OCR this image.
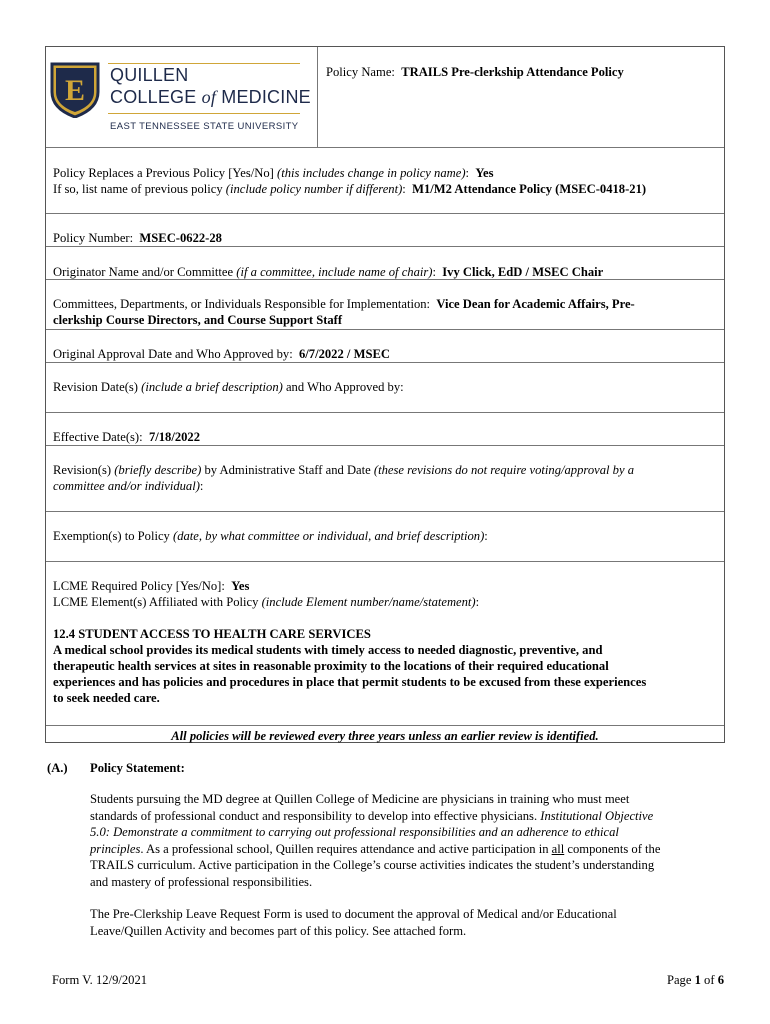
E QUILLEN
COLLEGE of MEDICINE
EAST TENNESSEE STATE UNIVERSITY
Policy Name: TRAILS Pre-clerkship Attendance Policy
Policy Replaces a Previous Policy [Yes/No] (this includes change in policy name): Yes
If so, list name of previous policy (include policy number if different):  M1/M2 Attendance Policy (MSEC-0418-21)
Policy Number: MSEC-0622-28
Originator Name and/or Committee (if a committee, include name of chair):  Ivy Click, EdD / MSEC Chair
Committees, Departments, or Individuals Responsible for Implementation: Vice Dean for Academic Affairs, Pre-
clerkship Course Directors, and Course Support Staff
Original Approval Date and Who Approved by: 6/7/2022 / MSEC
Revision Date(s) (include a brief description) and Who Approved by:
Effective Date(s): 7/18/2022
Revision(s) (briefly describe) by Administrative Staff and Date (these revisions do not require voting/approval by a
committee and/or individual):
Exemption(s) to Policy (date, by what committee or individual, and brief description):
LCME Required Policy [Yes/No]: Yes
LCME Element(s) Affiliated with Policy (include Element number/name/statement):
12.4 STUDENT ACCESS TO HEALTH CARE SERVICES
A medical school provides its medical students with timely access to needed diagnostic, preventive, and
therapeutic health services at sites in reasonable proximity to the locations of their required educational
experiences and has policies and procedures in place that permit students to be excused from these experiences
to seek needed care.
All policies will be reviewed every three years unless an earlier review is identified.
(A.) Policy Statement:
Students pursuing the MD degree at Quillen College of Medicine are physicians in training who must meet
standards of professional conduct and responsibility to develop into effective physicians. Institutional Objective
5.0: Demonstrate a commitment to carrying out professional responsibilities and an adherence to ethical
principles. As a professional school, Quillen requires attendance and active participation in all components of the
TRAILS curriculum. Active participation in the College’s course activities indicates the student’s understanding
and mastery of professional responsibilities.
The Pre-Clerkship Leave Request Form is used to document the approval of Medical and/or Educational
Leave/Quillen Activity and becomes part of this policy. See attached form.
Form V. 12/9/2021	Page 1 of 6
